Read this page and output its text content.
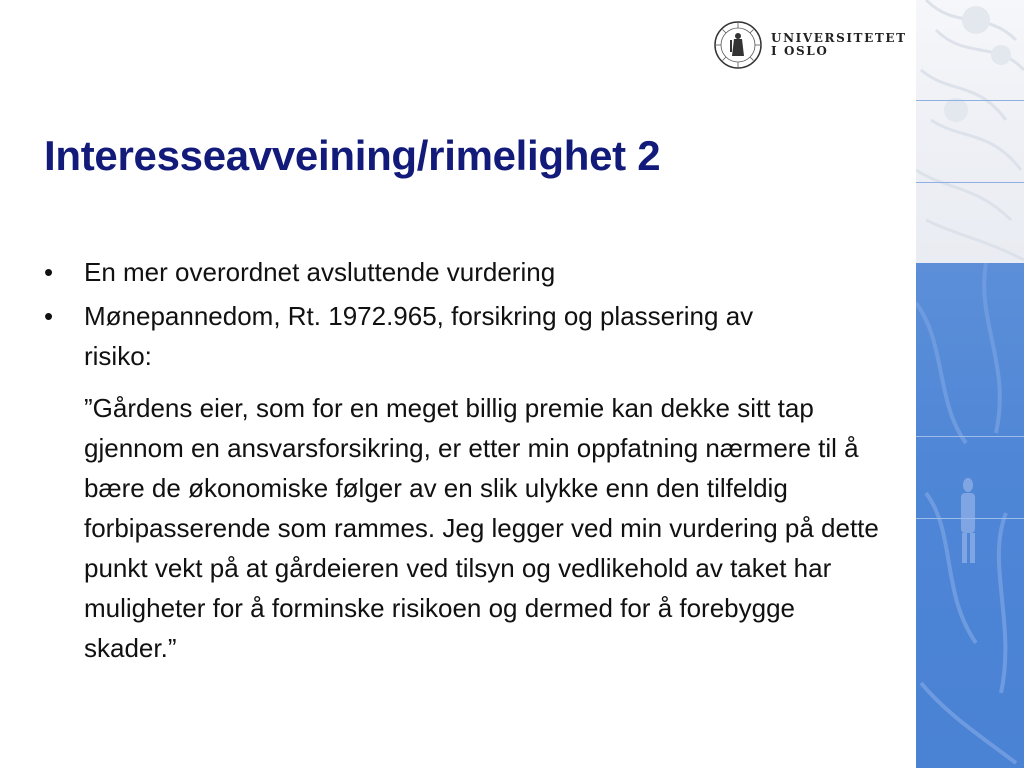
UNIVERSITETET
I OSLO
Interesseavveining/rimelighet 2
• En mer overordnet avsluttende vurdering
• Mønepannedom, Rt. 1972.965, forsikring og plassering av risiko:

”Gårdens eier, som for en meget billig premie kan dekke sitt tap gjennom en ansvarsforsikring, er etter min oppfatning nærmere til å bære de økonomiske følger av en slik ulykke enn den tilfeldig forbipasserende som rammes. Jeg legger ved min vurdering på dette punkt vekt på at gårdeieren ved tilsyn og vedlikehold av taket har muligheter for å forminske risikoen og dermed for å forebygge skader.”
